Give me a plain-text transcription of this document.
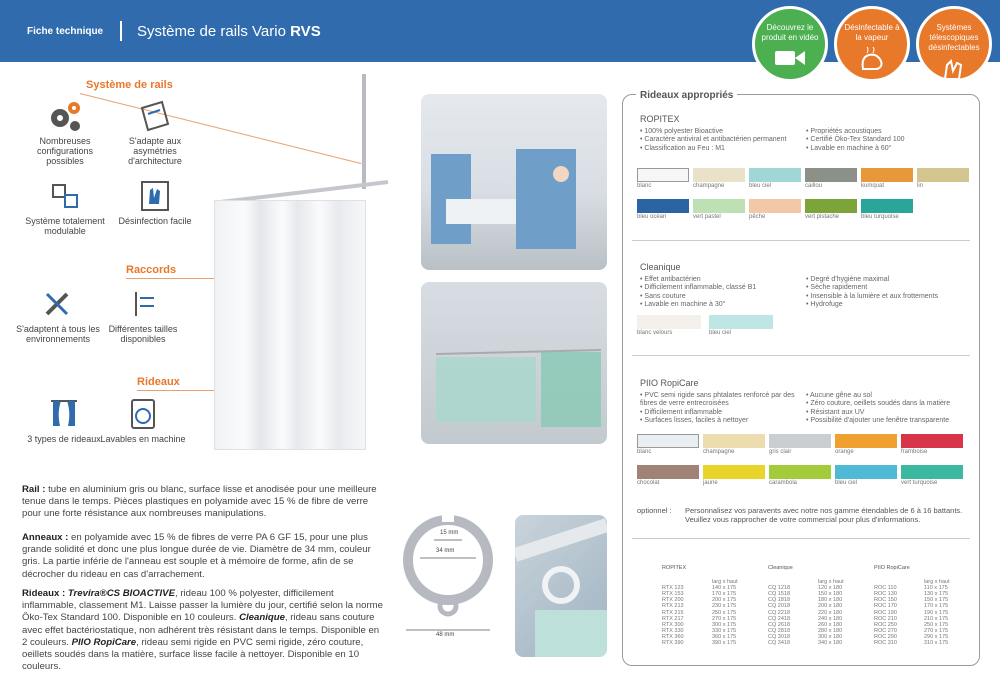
Fiche technique Système de rails Vario RVS	Découvrez le produit en vidéo
Désinfectable à la vapeur
Systèmes télescopiques désinfectables
Système de rails
Raccords
Rideaux
Nombreuses configurations possibles
S'adapte aux asymétries d'architecture
Système totalement modulable
Désinfection facile
S'adaptent à tous les environnements
Différentes tailles disponibles
3 types de rideaux Lavables en machine
Rail : tube en aluminium gris ou blanc, surface lisse et anodisée pour une meilleure tenue dans le temps. Pièces plastiques en polyamide avec 15 % de fibre de verre pour une forte résistance aux nombreuses manipulations.
Anneaux : en polyamide avec 15 % de fibres de verre PA 6 GF 15, pour une plus grande solidité et donc une plus longue durée de vie. Diamètre de 34 mm, couleur gris. La partie inférie de l'anneau est souple et à mémoire de forme, afin de se décrocher du rideau en cas d'arrachement.
Rideaux : Trevira®CS BIOACTIVE, rideau 100 % polyester, difficilement inflammable, classement M1. Laisse passer la lumière du jour, certifié selon la norme Öko-Tex Standard 100. Disponible en 10 couleurs. Cleanique, rideau sans couture avec effet bactériostatique, non adhérent très résistant dans le temps. Disponible en 2 couleurs. PIIO RopiCare, rideau semi rigide en PVC semi rigide, zéro couture, oeillets soudés dans la matière, surface lisse facile à nettoyer. Disponible en 10 couleurs.
15 mm
34 mm
48 mm
Rideaux appropriés
ROPITEX
• 100% polyester Bioactive
• Caractère antiviral et antibactérien permanent
• Classification au Feu : M1
• Propriétés acoustiques
• Certifié Öko-Tex Standard 100
• Lavable en machine à 60°
blanc	champagne	bleu ciel	caillou	kumquat	lin
bleu océan	vert pastel	pêche	vert pistache	bleu turquoise
Cleanique
• Effet antibactérien
• Difficilement inflammable, classé B1
• Sans couture
• Lavable en machine à 30°
• Degré d'hygiène maximal
• Sèche rapidement
• Insensible à la lumière et aux frottements
• Hydrofuge
blanc velours	bleu ciel
PIIO RopiCare
• PVC semi rigide sans phtalates renforcé par des fibres de verre entrecroisées
• Difficilement inflammable
• Surfaces lisses, faciles à nettoyer
• Aucune gêne au sol
• Zéro couture, oeillets soudés dans la matière
• Résistant aux UV
• Possibilité d'ajouter une fenêtre transparente
blanc	champagne	gris clair	orange	framboise
chocolat	jaune	carambola	bleu ciel	vert turquoise
optionnel : Personnalisez vos paravents avec notre nos gamme étendables de 6 à 16 battants. Veuillez vous rapprocher de votre commercial pour plus d'informations.
ROPITEX
larg x haut
RTX 123	140 x 175
RTX 153	170 x 175
RTX 200	200 x 175
RTX 213	230 x 175
RTX 215	250 x 175
RTX 217	270 x 175
RTX 300	300 x 175
RTX 330	330 x 175
RTX 360	360 x 175
RTX 390	390 x 175
Cleanique
larg x haut
CQ 1218	120 x 180
CQ 1518	150 x 180
CQ 1818	180 x 180
CQ 2018	200 x 180
CQ 2218	220 x 180
CQ 2418	240 x 180
CQ 2618	260 x 180
CQ 2818	280 x 180
CQ 3018	300 x 180
CQ 3418	340 x 180
PIIO RopiCare
larg x haut
ROC 110	110 x 175
ROC 130	130 x 175
ROC 150	150 x 175
ROC 170	170 x 175
ROC 190	190 x 175
ROC 210	210 x 175
ROC 250	250 x 175
ROC 270	270 x 175
ROC 290	290 x 175
ROC 310	310 x 175
